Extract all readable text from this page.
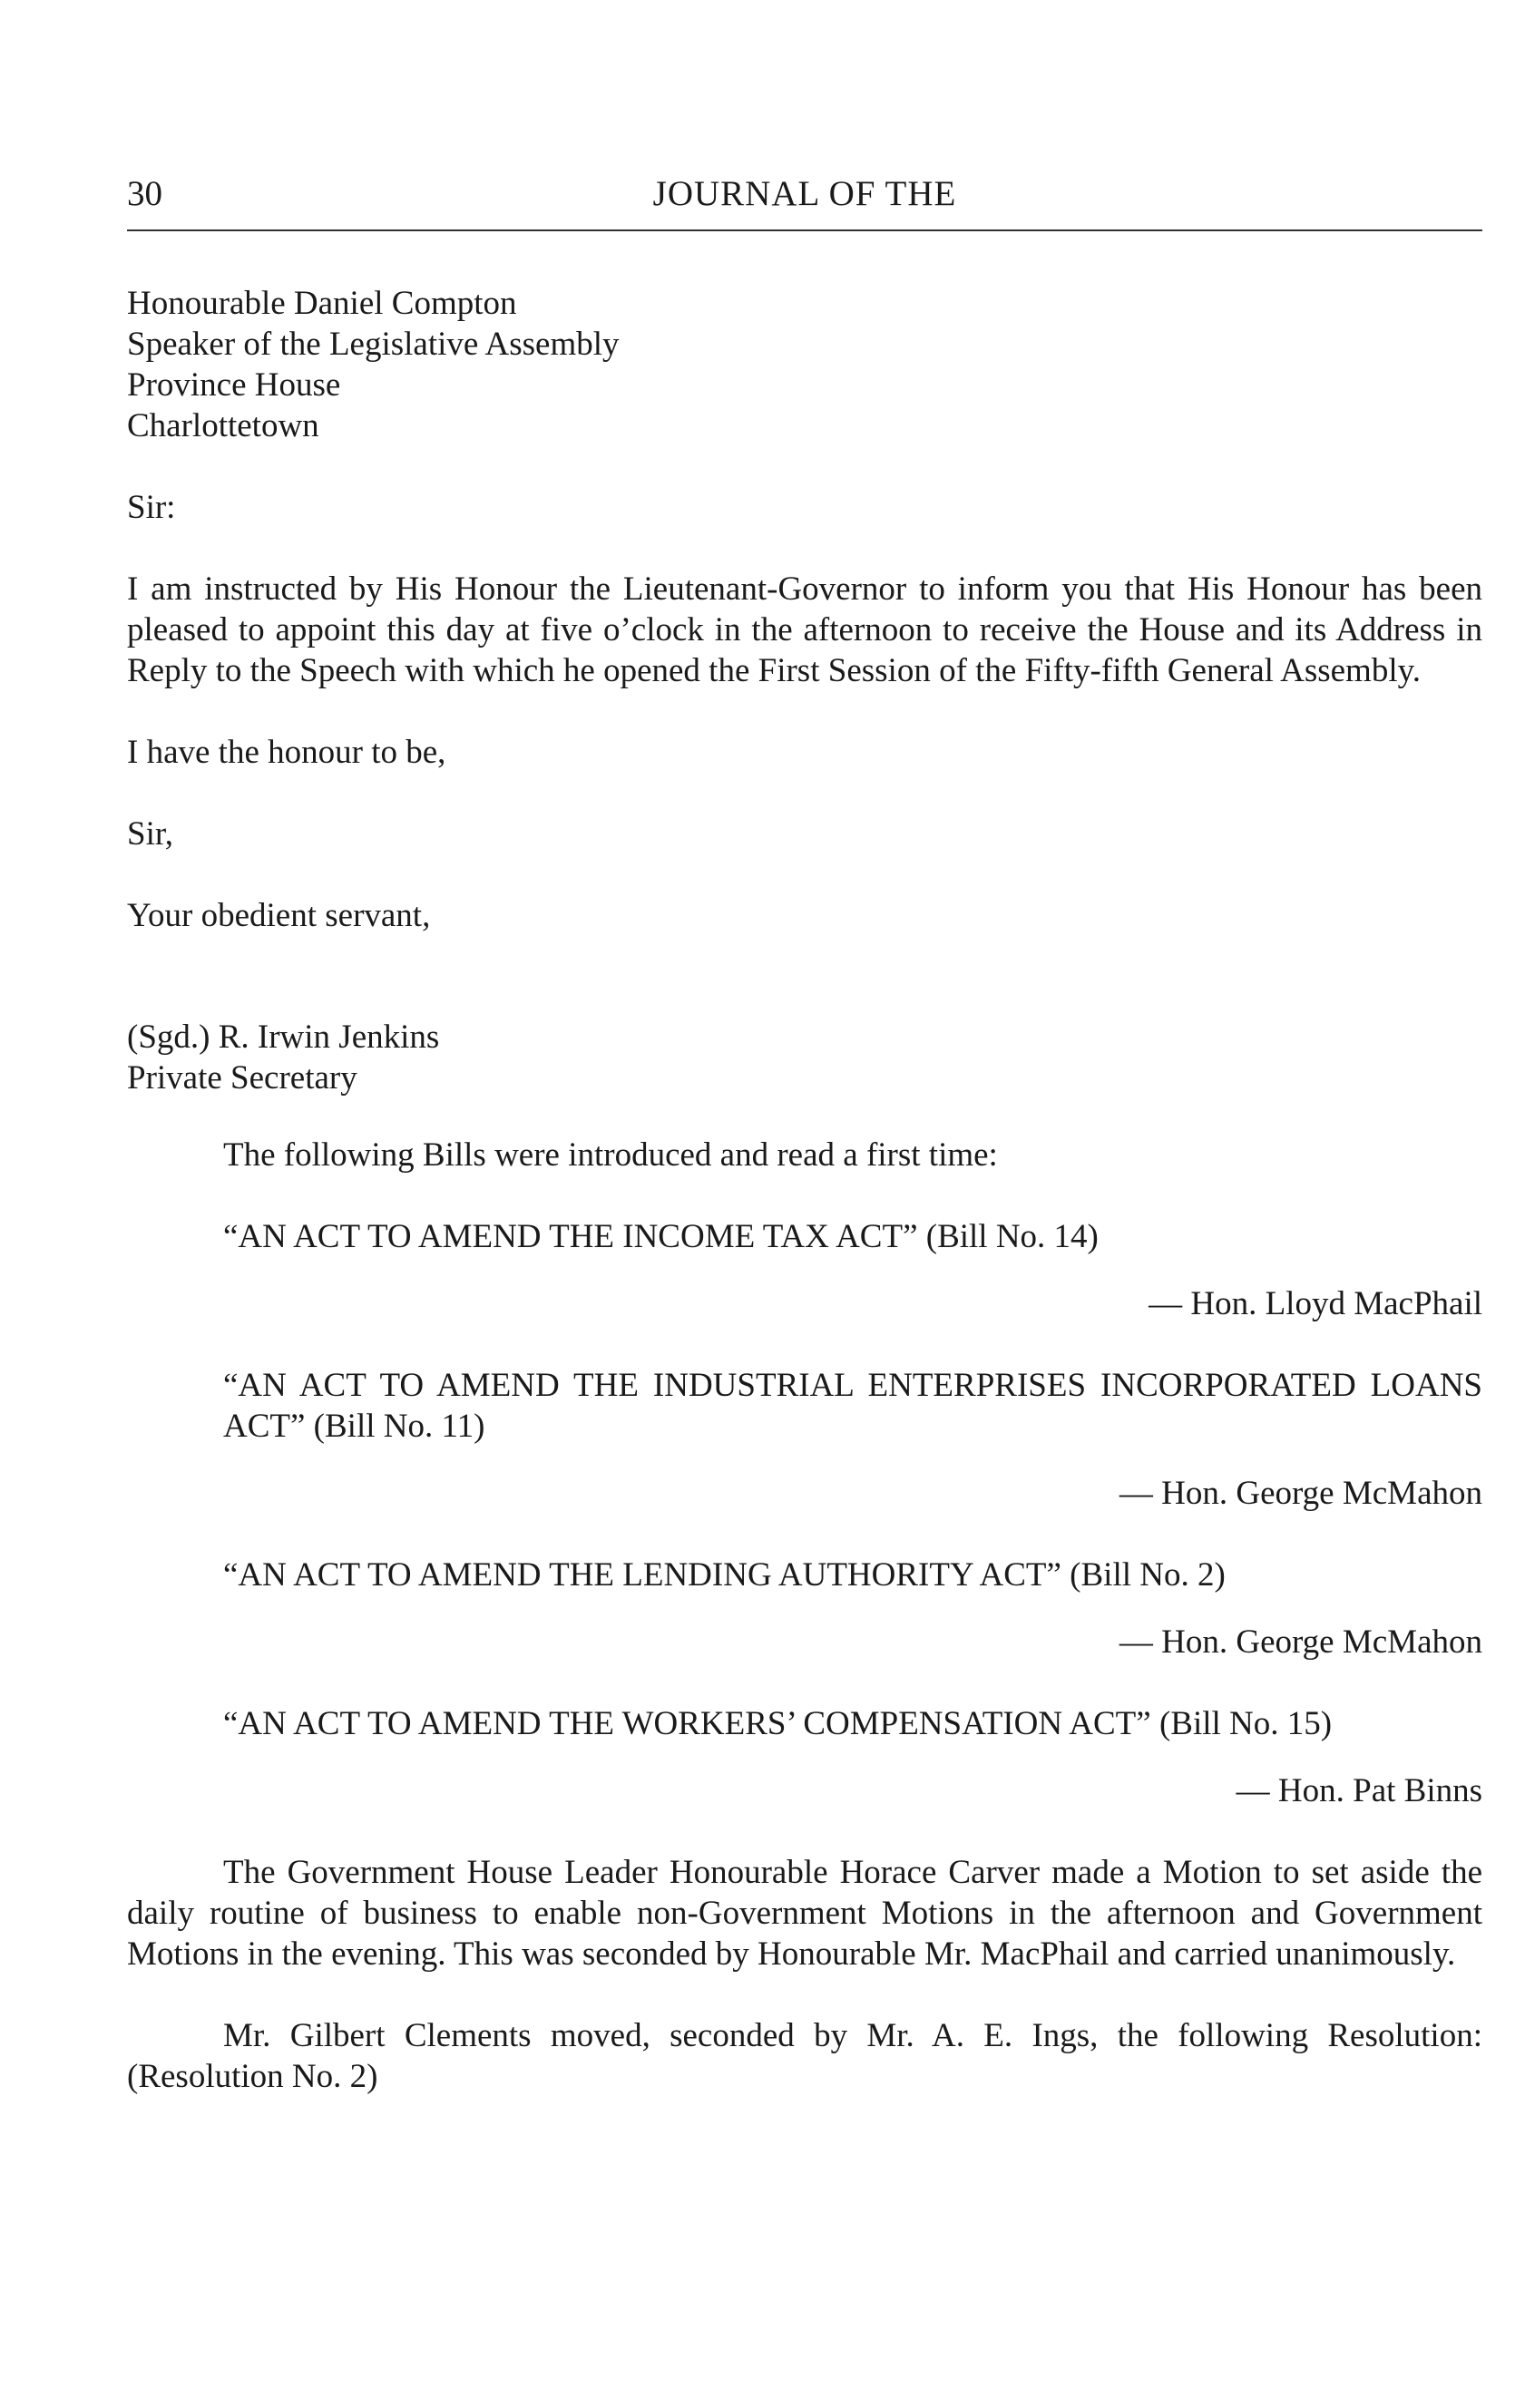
30	JOURNAL OF THE
Honourable Daniel Compton
Speaker of the Legislative Assembly
Province House
Charlottetown

Sir:

I am instructed by His Honour the Lieutenant-Governor to inform you that His Honour has been pleased to appoint this day at five o’clock in the afternoon to receive the House and its Address in Reply to the Speech with which he opened the First Session of the Fifty-fifth General Assembly.

I have the honour to be,

Sir,

Your obedient servant,

(Sgd.) R. Irwin Jenkins
Private Secretary

The following Bills were introduced and read a first time:

“AN ACT TO AMEND THE INCOME TAX ACT” (Bill No. 14)

— Hon. Lloyd MacPhail

“AN ACT TO AMEND THE INDUSTRIAL ENTERPRISES INCORPORATED LOANS ACT” (Bill No. 11)

— Hon. George McMahon

“AN ACT TO AMEND THE LENDING AUTHORITY ACT” (Bill No. 2)

— Hon. George McMahon

“AN ACT TO AMEND THE WORKERS’ COMPENSATION ACT” (Bill No. 15)

— Hon. Pat Binns

The Government House Leader Honourable Horace Carver made a Motion to set aside the daily routine of business to enable non-Government Motions in the afternoon and Government Motions in the evening. This was seconded by Honourable Mr. MacPhail and carried unanimously.

Mr. Gilbert Clements moved, seconded by Mr. A. E. Ings, the following Resolution: (Resolution No. 2)
